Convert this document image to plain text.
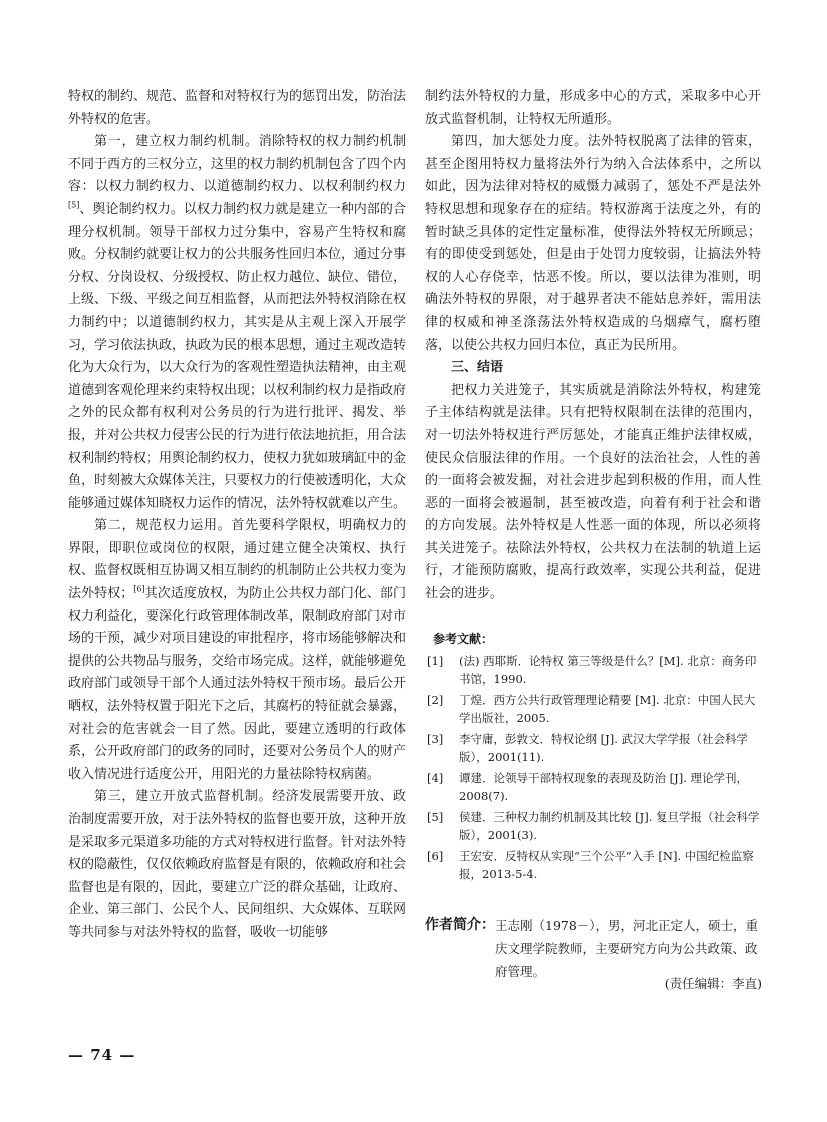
特权的制约、规范、监督和对特权行为的惩罚出发，防治法外特权的危害。

第一，建立权力制约机制。消除特权的权力制约机制不同于西方的三权分立，这里的权力制约机制包含了四个内容：以权力制约权力、以道德制约权力、以权利制约权力[5]、舆论制约权力。以权力制约权力就是建立一种内部的合理分权机制。领导干部权力过分集中，容易产生特权和腐败。分权制约就要让权力的公共服务性回归本位，通过分事分权、分岗设权、分级授权、防止权力越位、缺位、错位，上级、下级、平级之间互相监督，从而把法外特权消除在权力制约中；以道德制约权力，其实是从主观上深入开展学习，学习依法执政，执政为民的根本思想，通过主观改造转化为大众行为，以大众行为的客观性塑造执法精神，由主观道德到客观伦理来约束特权出现；以权利制约权力是指政府之外的民众都有权利对公务员的行为进行批评、揭发、举报，并对公共权力侵害公民的行为进行依法地抗拒，用合法权利制约特权；用舆论制约权力，使权力犹如玻璃缸中的金鱼，时刻被大众媒体关注，只要权力的行使被透明化，大众能够通过媒体知晓权力运作的情况，法外特权就难以产生。

第二，规范权力运用。首先要科学限权，明确权力的界限，即职位或岗位的权限，通过建立健全决策权、执行权、监督权既相互协调又相互制约的机制防止公共权力变为法外特权；[6]其次适度放权，为防止公共权力部门化、部门权力利益化，要深化行政管理体制改革，限制政府部门对市场的干预，减少对项目建设的审批程序，将市场能够解决和提供的公共物品与服务，交给市场完成。这样，就能够避免政府部门或领导干部个人通过法外特权干预市场。最后公开晒权，法外特权置于阳光下之后，其腐朽的特征就会暴露，对社会的危害就会一目了然。因此，要建立透明的行政体系，公开政府部门的政务的同时，还要对公务员个人的财产收入情况进行适度公开，用阳光的力量祛除特权病菌。

第三，建立开放式监督机制。经济发展需要开放、政治制度需要开放，对于法外特权的监督也要开放，这种开放是采取多元渠道多功能的方式对特权进行监督。针对法外特权的隐蔽性，仅仅依赖政府监督是有限的，依赖政府和社会监督也是有限的，因此，要建立广泛的群众基础，让政府、企业、第三部门、公民个人、民间组织、大众媒体、互联网等共同参与对法外特权的监督，吸收一切能够

制约法外特权的力量，形成多中心的方式，采取多中心开放式监督机制，让特权无所遁形。

第四，加大惩处力度。法外特权脱离了法律的管束，甚至企图用特权力量将法外行为纳入合法体系中，之所以如此，因为法律对特权的威慑力减弱了，惩处不严是法外特权思想和现象存在的症结。特权游离于法度之外，有的暂时缺乏具体的定性定量标准，使得法外特权无所顾忌；有的即使受到惩处，但是由于处罚力度较弱，让搞法外特权的人心存侥幸，怙恶不悛。所以，要以法律为准则，明确法外特权的界限，对于越界者决不能姑息养奸，需用法律的权威和神圣涤荡法外特权造成的乌烟瘴气，腐朽堕落，以使公共权力回归本位，真正为民所用。

三、结语

把权力关进笼子，其实质就是消除法外特权，构建笼子主体结构就是法律。只有把特权限制在法律的范围内，对一切法外特权进行严厉惩处，才能真正维护法律权威，使民众信服法律的作用。一个良好的法治社会，人性的善的一面将会被发掘，对社会进步起到积极的作用，而人性恶的一面将会被遏制，甚至被改造，向着有利于社会和谐的方向发展。法外特权是人性恶一面的体现，所以必须将其关进笼子。祛除法外特权，公共权力在法制的轨道上运行，才能预防腐败，提高行政效率，实现公共利益，促进社会的进步。

参考文献：
[1]	(法) 西耶斯．论特权 第三等级是什么？[M]. 北京：商务印书馆，1990.
[2]	丁煌．西方公共行政管理理论精要 [M]. 北京：中国人民大学出版社，2005.
[3]	李守庸，彭敦文．特权论纲 [J]. 武汉大学学报（社会科学版），2001(11).
[4]	谭建．论领导干部特权现象的表现及防治 [J]. 理论学刊，2008(7).
[5]	侯建．三种权力制约机制及其比较 [J]. 复旦学报（社会科学版），2001(3).
[6]	王宏安．反特权从实现“三个公平”入手 [N]. 中国纪检监察报，2013-5-4.
作者简介： 王志刚（1978－），男，河北正定人，硕士，重庆文理学院教师，主要研究方向为公共政策、政府管理。
(责任编辑：李直)
— 74 —
